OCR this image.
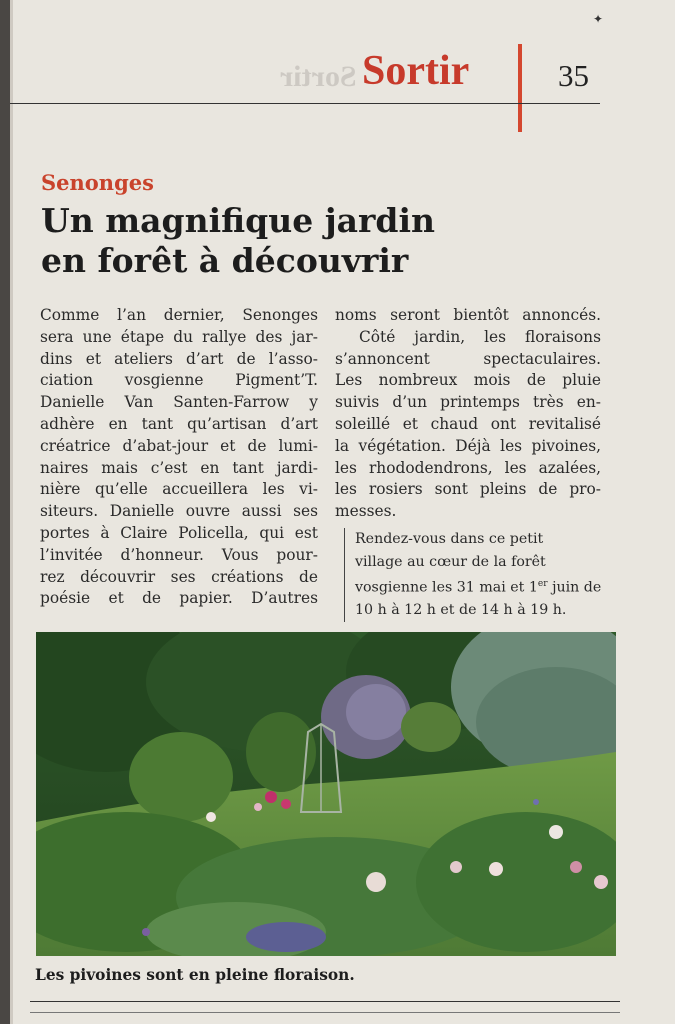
✦
Sortir Sortir	35
Senonges
Un magnifique jardin
en forêt à découvrir
Comme l’an dernier, Senonges
sera une étape du rallye des jar-
dins et ateliers d’art de l’asso-
ciation vosgienne Pigment’T.
Danielle Van Santen-Farrow y
adhère en tant qu’artisan d’art
créatrice d’abat-jour et de lumi-
naires mais c’est en tant jardi-
nière qu’elle accueillera les vi-
siteurs. Danielle ouvre aussi ses
portes à Claire Policella, qui est
l’invitée d’honneur. Vous pour-
rez découvrir ses créations de
poésie et de papier. D’autres
noms seront bientôt annoncés.
Côté jardin, les floraisons
s’annoncent spectaculaires.
Les nombreux mois de pluie
suivis d’un printemps très en-
soleillé et chaud ont revitalisé
la végétation. Déjà les pivoines,
les rhododendrons, les azalées,
les rosiers sont pleins de pro-
messes.
Rendez-vous dans ce petit
village au cœur de la forêt
vosgienne les 31 mai et 1er juin de
10 h à 12 h et de 14 h à 19 h.
Les pivoines sont en pleine floraison.
